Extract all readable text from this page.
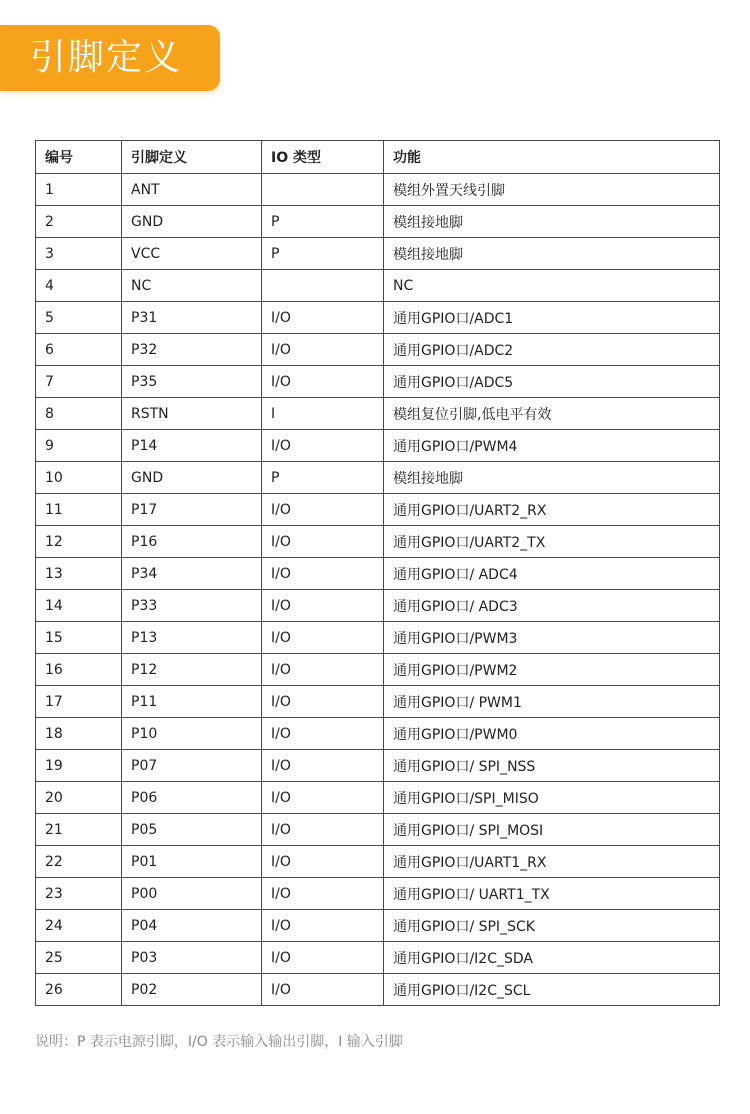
引脚定义
编号	引脚定义	IO 类型	功能
1	ANT		模组外置天线引脚
2	GND	P	模组接地脚
3	VCC	P	模组接地脚
4	NC		NC
5	P31	I/O	通用GPIO口/ADC1
6	P32	I/O	通用GPIO口/ADC2
7	P35	I/O	通用GPIO口/ADC5
8	RSTN	I	模组复位引脚,低电平有效
9	P14	I/O	通用GPIO口/PWM4
10	GND	P	模组接地脚
11	P17	I/O	通用GPIO口/UART2_RX
12	P16	I/O	通用GPIO口/UART2_TX
13	P34	I/O	通用GPIO口/ ADC4
14	P33	I/O	通用GPIO口/ ADC3
15	P13	I/O	通用GPIO口/PWM3
16	P12	I/O	通用GPIO口/PWM2
17	P11	I/O	通用GPIO口/ PWM1
18	P10	I/O	通用GPIO口/PWM0
19	P07	I/O	通用GPIO口/ SPI_NSS
20	P06	I/O	通用GPIO口/SPI_MISO
21	P05	I/O	通用GPIO口/ SPI_MOSI
22	P01	I/O	通用GPIO口/UART1_RX
23	P00	I/O	通用GPIO口/ UART1_TX
24	P04	I/O	通用GPIO口/ SPI_SCK
25	P03	I/O	通用GPIO口/I2C_SDA
26	P02	I/O	通用GPIO口/I2C_SCL
说明：P 表示电源引脚，I/O 表示输入输出引脚，I 输入引脚
